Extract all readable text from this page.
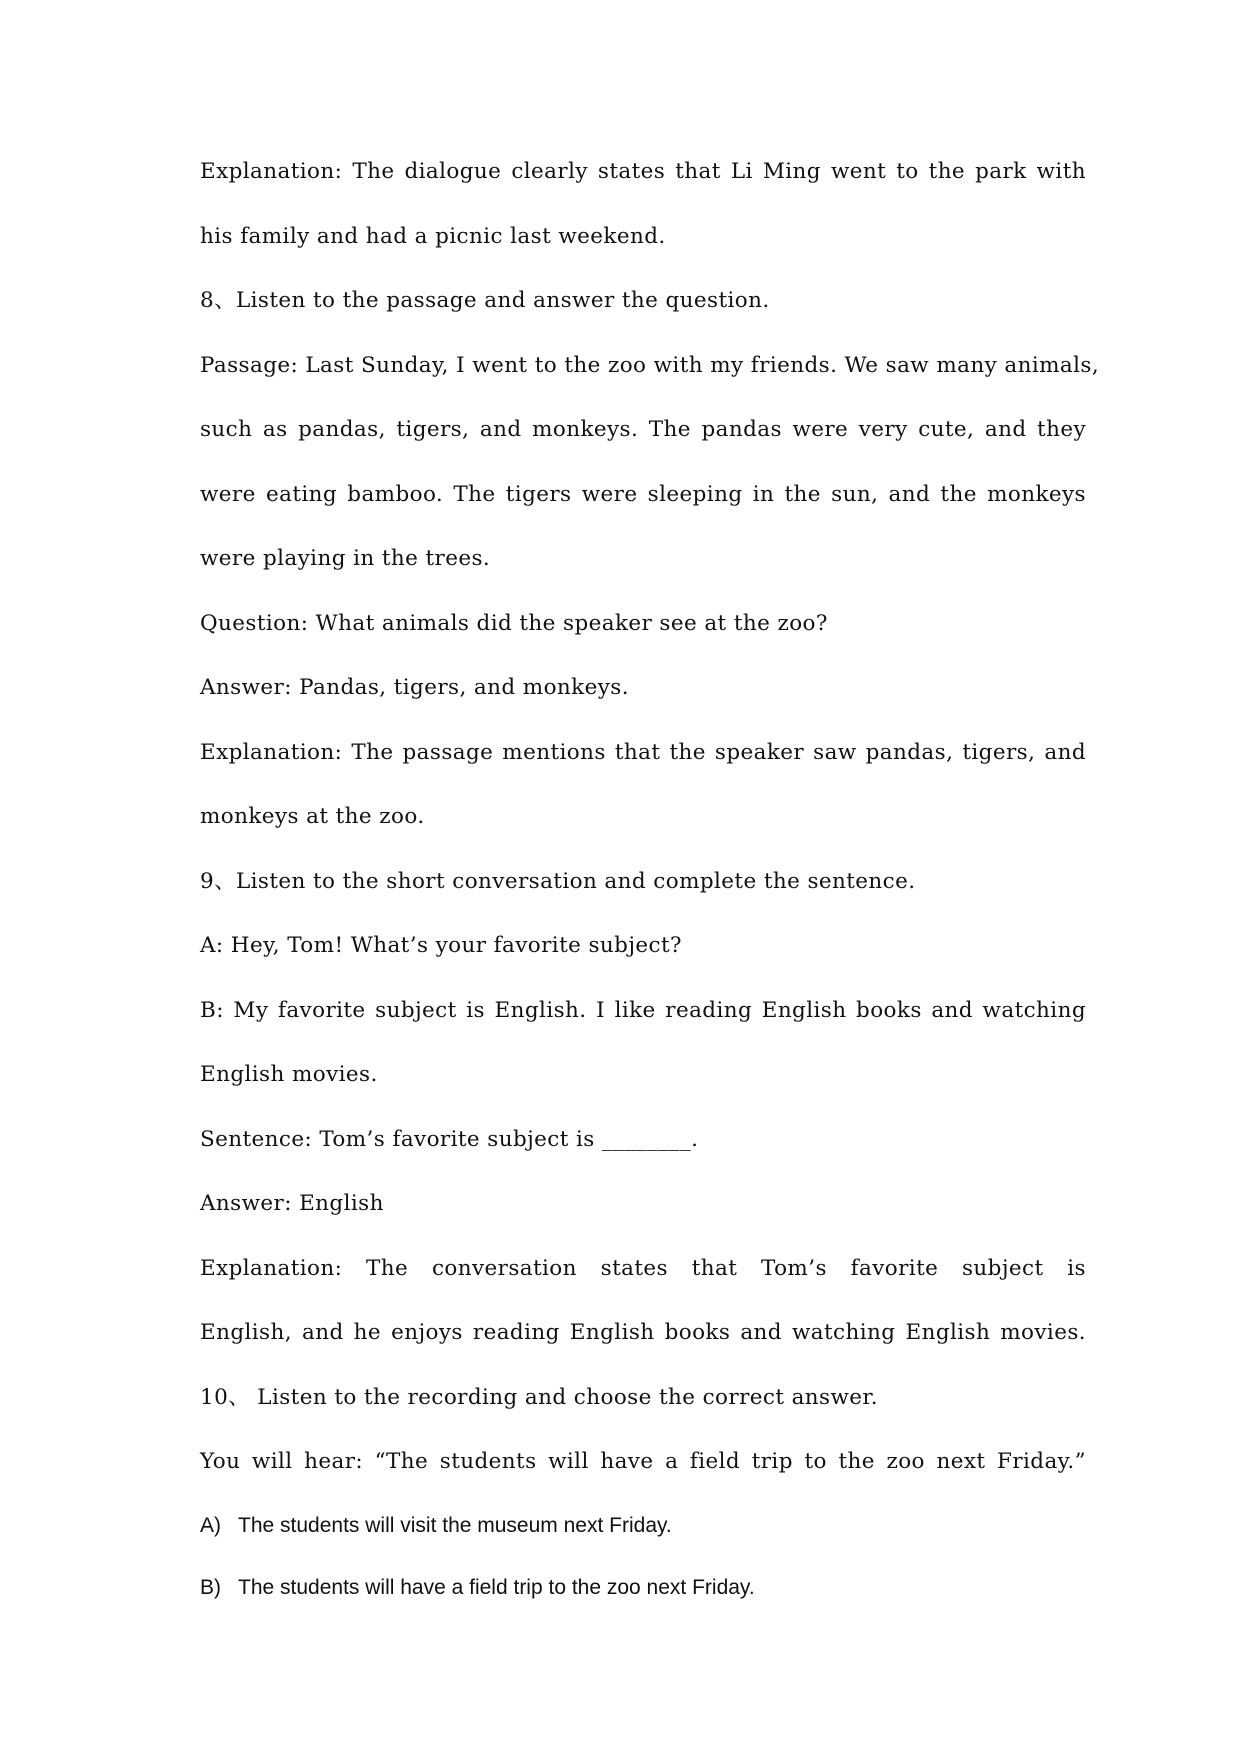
Explanation: The dialogue clearly states that Li Ming went to the park with
his family and had a picnic last weekend.
8、Listen to the passage and answer the question.
Passage: Last Sunday, I went to the zoo with my friends. We saw many animals,
such as pandas, tigers, and monkeys. The pandas were very cute, and they
were eating bamboo. The tigers were sleeping in the sun, and the monkeys
were playing in the trees.
Question: What animals did the speaker see at the zoo?
Answer: Pandas, tigers, and monkeys.
Explanation: The passage mentions that the speaker saw pandas, tigers, and
monkeys at the zoo.
9、Listen to the short conversation and complete the sentence.
A: Hey, Tom! What’s your favorite subject?
B: My favorite subject is English. I like reading English books and watching
English movies.
Sentence: Tom’s favorite subject is ________.
Answer: English
Explanation: The conversation states that Tom’s favorite subject is
English, and he enjoys reading English books and watching English movies.
10、 Listen to the recording and choose the correct answer.
You will hear: “The students will have a field trip to the zoo next Friday.”
A) The students will visit the museum next Friday.
B) The students will have a field trip to the zoo next Friday.
